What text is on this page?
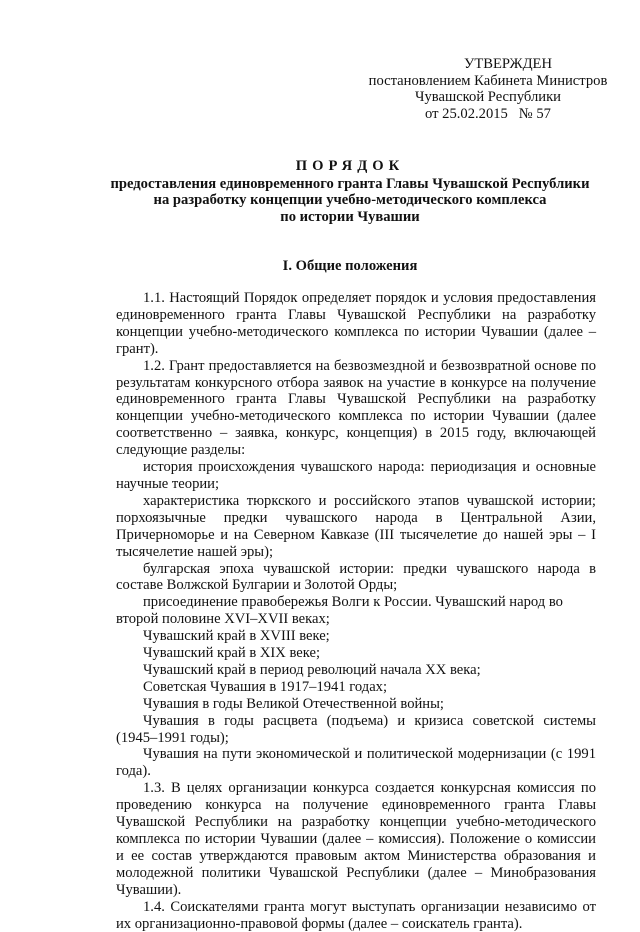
УТВЕРЖДЕН
постановлением Кабинета Министров
Чувашской Республики
от 25.02.2015   № 57
ПОРЯДОК
предоставления единовременного гранта Главы Чувашской Республики
на разработку концепции учебно-методического комплекса
по истории Чувашии
I. Общие положения

1.1. Настоящий Порядок определяет порядок и условия предоставления единовременного гранта Главы Чувашской Республики на разработку концепции учебно-методического комплекса по истории Чувашии (далее – грант).

1.2. Грант предоставляется на безвозмездной и безвозвратной основе по результатам конкурсного отбора заявок на участие в конкурсе на получение единовременного гранта Главы Чувашской Республики на разработку концепции учебно-методического комплекса по истории Чувашии (далее соответственно – заявка, конкурс, концепция) в 2015 году, включающей следующие разделы:

история происхождения чувашского народа: периодизация и основные научные теории;

характеристика тюркского и российского этапов чувашской истории; порхоязычные предки чувашского народа в Центральной Азии, Причерноморье и на Северном Кавказе (III тысячелетие до нашей эры – I тысячелетие нашей эры);

булгарская эпоха чувашской истории: предки чувашского народа в составе Волжской Булгарии и Золотой Орды;

присоединение правобережья Волги к России. Чувашский народ во второй половине XVI–XVII веках;

Чувашский край в XVIII веке;

Чувашский край в XIX веке;

Чувашский край в период революций начала XX века;

Советская Чувашия в 1917–1941 годах;

Чувашия в годы Великой Отечественной войны;

Чувашия в годы расцвета (подъема) и кризиса советской системы (1945–1991 годы);

Чувашия на пути экономической и политической модернизации (с 1991 года).

1.3. В целях организации конкурса создается конкурсная комиссия по проведению конкурса на получение единовременного гранта Главы Чувашской Республики на разработку концепции учебно-методического комплекса по истории Чувашии (далее – комиссия). Положение о комиссии и ее состав утверждаются правовым актом Министерства образования и молодежной политики Чувашской Республики (далее – Минобразования Чувашии).

1.4. Соискателями гранта могут выступать организации независимо от их организационно-правовой формы (далее – соискатель гранта).
